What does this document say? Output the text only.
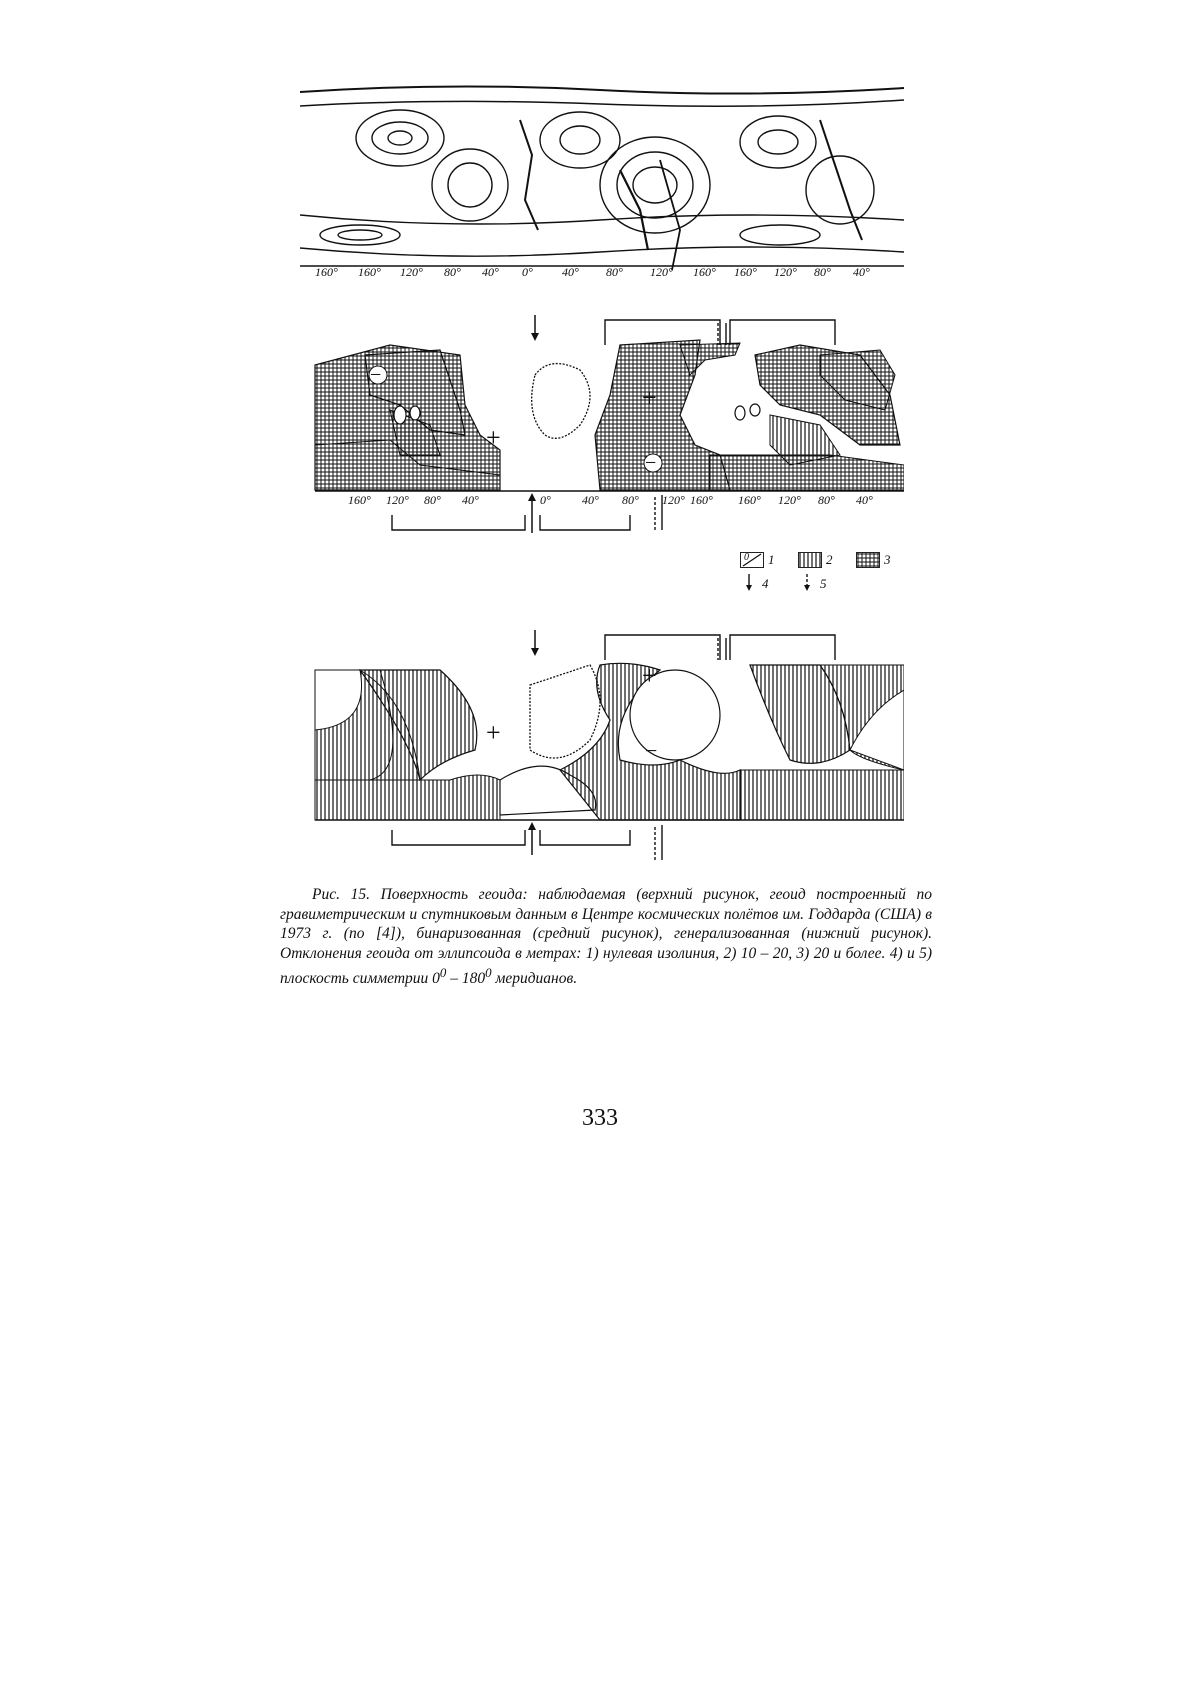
160° 160° 120° 80° 40° 0° 40° 80° 120° 160° 160° 120° 80° 40°
−
+
+
−
160° 120° 80° 40°	0°	40° 80° 120° 160° 160° 120° 80° 40°
0 1	2	3
4	5
+
+
−
Рис. 15. Поверхность геоида: наблюдаемая (верхний рисунок, геоид построенный по гравиметрическим и спутниковым данным в Центре космических полётов им. Годдарда (США) в 1973 г. (по [4]), бинаризованная (средний рисунок), генерализованная (нижний рисунок). Отклонения геоида от эллипсоида в метрах: 1) нулевая изолиния, 2) 10 – 20, 3) 20 и более. 4) и 5) плоскость симметрии $0^0 - 180^0$ меридианов.
333
